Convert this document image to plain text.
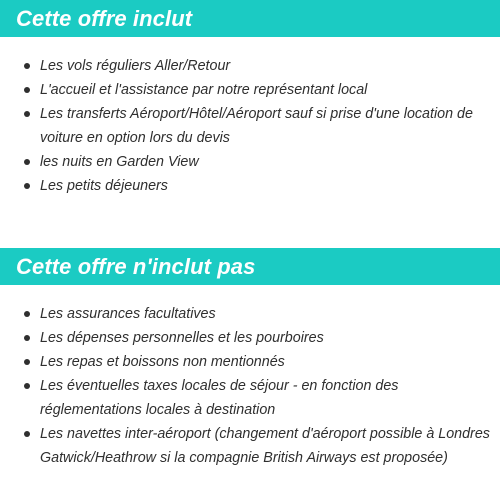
Cette offre inclut
Les vols réguliers Aller/Retour
L'accueil et l'assistance par notre représentant local
Les transferts Aéroport/Hôtel/Aéroport sauf si prise d'une location de voiture en option lors du devis
les nuits en Garden View
Les petits déjeuners
Cette offre n'inclut pas
Les assurances facultatives
Les dépenses personnelles et les pourboires
Les repas et boissons non mentionnés
Les éventuelles taxes locales de séjour - en fonction des réglementations locales à destination
Les navettes inter-aéroport (changement d'aéroport possible à Londres Gatwick/Heathrow si la compagnie British Airways est proposée)
